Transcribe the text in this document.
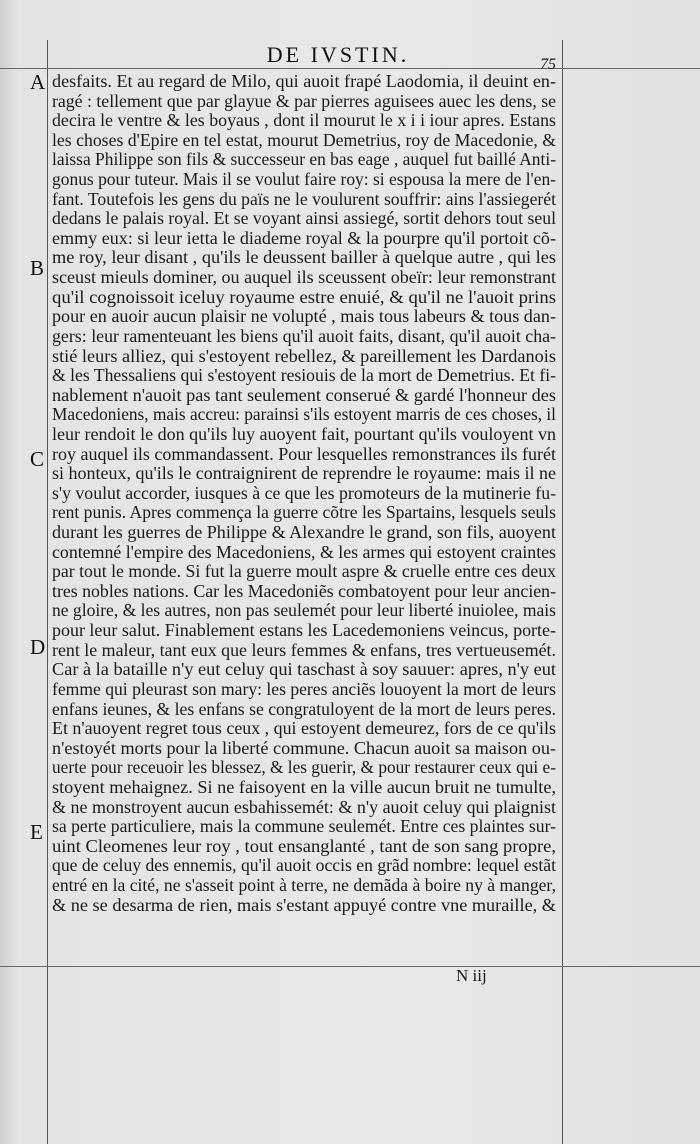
DE IVSTIN.	75
A
B
C
D
E
desfaits. Et au regard de Milo, qui auoit frapé Laodomia, il deuint en-
ragé : tellement que par glayue & par pierres aguisees auec les dens, se
decira le ventre & les boyaus , dont il mourut le x i i iour apres. Estans
les choses d'Epire en tel estat, mourut Demetrius, roy de Macedonie, &
laissa Philippe son fils & successeur en bas eage , auquel fut baillé Anti-
gonus pour tuteur. Mais il se voulut faire roy: si espousa la mere de l'en-
fant. Toutefois les gens du païs ne le voulurent souffrir: ains l'assiegerét
dedans le palais royal. Et se voyant ainsi assiegé, sortit dehors tout seul
emmy eux: si leur ietta le diademe royal & la pourpre qu'il portoit cõ-
me roy, leur disant , qu'ils le deussent bailler à quelque autre , qui les
sceust mieuls dominer, ou auquel ils sceussent obeïr: leur remonstrant
qu'il cognoissoit iceluy royaume estre enuié, & qu'il ne l'auoit prins
pour en auoir aucun plaisir ne volupté , mais tous labeurs & tous dan-
gers: leur ramenteuant les biens qu'il auoit faits, disant, qu'il auoit cha-
stié leurs alliez, qui s'estoyent rebellez, & pareillement les Dardanois
& les Thessaliens qui s'estoyent resiouis de la mort de Demetrius. Et fi-
nablement n'auoit pas tant seulement conserué & gardé l'honneur des
Macedoniens, mais accreu: parainsi s'ils estoyent marris de ces choses, il
leur rendoit le don qu'ils luy auoyent fait, pourtant qu'ils vouloyent vn
roy auquel ils commandassent. Pour lesquelles remonstrances ils furét
si honteux, qu'ils le contraignirent de reprendre le royaume: mais il ne
s'y voulut accorder, iusques à ce que les promoteurs de la mutinerie fu-
rent punis. Apres commença la guerre cõtre les Spartains, lesquels seuls
durant les guerres de Philippe & Alexandre le grand, son fils, auoyent
contemné l'empire des Macedoniens, & les armes qui estoyent craintes
par tout le monde. Si fut la guerre moult aspre & cruelle entre ces deux
tres nobles nations. Car les Macedoniẽs combatoyent pour leur ancien-
ne gloire, & les autres, non pas seulemét pour leur liberté inuiolee, mais
pour leur salut. Finablement estans les Lacedemoniens veincus, porte-
rent le maleur, tant eux que leurs femmes & enfans, tres vertueusemét.
Car à la bataille n'y eut celuy qui taschast à soy sauuer: apres, n'y eut
femme qui pleurast son mary: les peres anciẽs louoyent la mort de leurs
enfans ieunes, & les enfans se congratuloyent de la mort de leurs peres.
Et n'auoyent regret tous ceux , qui estoyent demeurez, fors de ce qu'ils
n'estoyét morts pour la liberté commune. Chacun auoit sa maison ou-
uerte pour receuoir les blessez, & les guerir, & pour restaurer ceux qui e-
stoyent mehaignez. Si ne faisoyent en la ville aucun bruit ne tumulte,
& ne monstroyent aucun esbahissemét: & n'y auoit celuy qui plaignist
sa perte particuliere, mais la commune seulemét. Entre ces plaintes sur-
uint Cleomenes leur roy , tout ensanglanté , tant de son sang propre,
que de celuy des ennemis, qu'il auoit occis en grãd nombre: lequel estãt
entré en la cité, ne s'asseit point à terre, ne demãda à boire ny à manger,
& ne se desarma de rien, mais s'estant appuyé contre vne muraille, &
N iij
